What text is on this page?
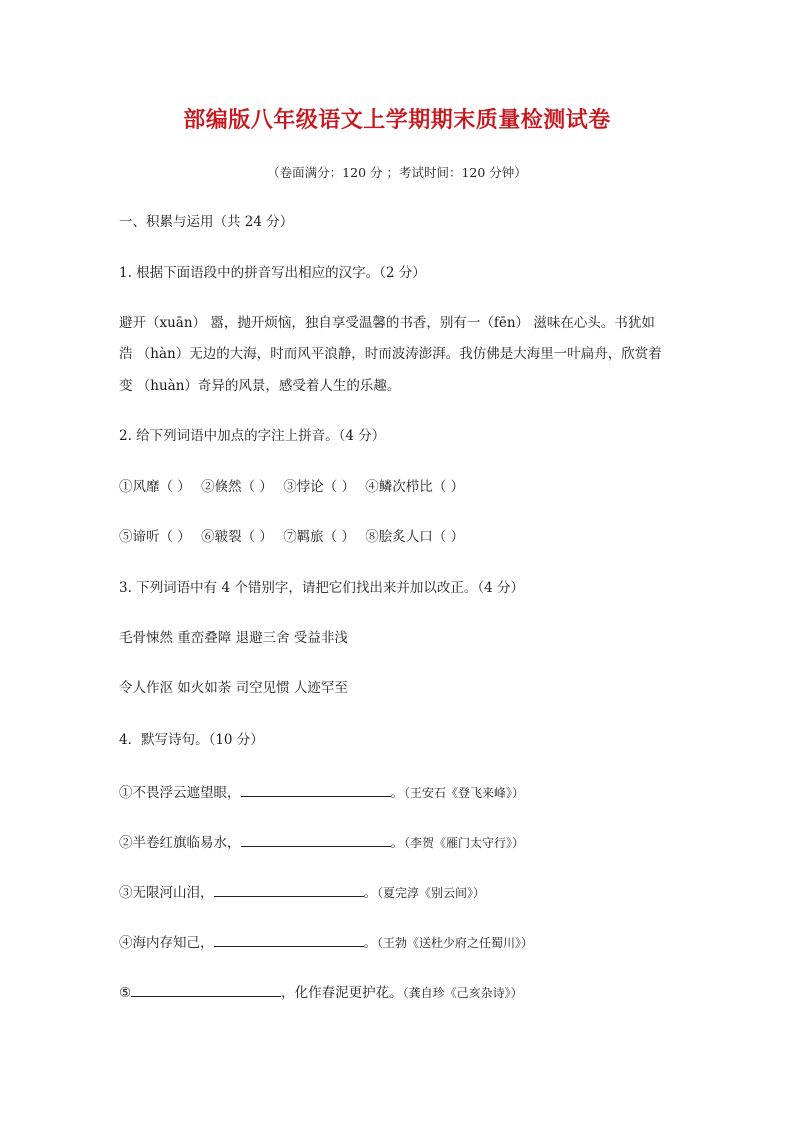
部编版八年级语文上学期期末质量检测试卷
（卷面满分：120 分 ；考试时间：120 分钟）
一、积累与运用（共 24 分）
1. 根据下面语段中的拼音写出相应的汉字。（2 分）
避开（xuān） 嚣，抛开烦恼，独自享受温馨的书香，别有一（fēn） 滋味在心头。书犹如
浩 （hàn）无边的大海，时而风平浪静，时而波涛澎湃。我仿佛是大海里一叶扁舟，欣赏着
变 （huàn）奇异的风景，感受着人生的乐趣。
2. 给下列词语中加点的字注上拼音。（4 分）
①风靡（ ） ②倏然（ ） ③悖论（ ） ④鳞次栉比（ ）
⑤谛听（ ） ⑥皲裂（ ） ⑦羁旅（ ） ⑧脍炙人口（ ）
3. 下列词语中有 4 个错别字，请把它们找出来并加以改正。（4 分）
毛骨悚然 重峦叠障 退避三舍 受益非浅
令人作沤 如火如荼 司空见惯 人迹罕至
4．默写诗句。（10 分）
①不畏浮云遮望眼，	。（王安石《登飞来峰》）
②半卷红旗临易水，	。（李贺《雁门太守行》）
③无限河山泪，	。（夏完淳《别云间》）
④海内存知己，	。（王勃《送杜少府之任蜀川》）
⑤	，化作春泥更护花。（龚自珍《己亥杂诗》）
